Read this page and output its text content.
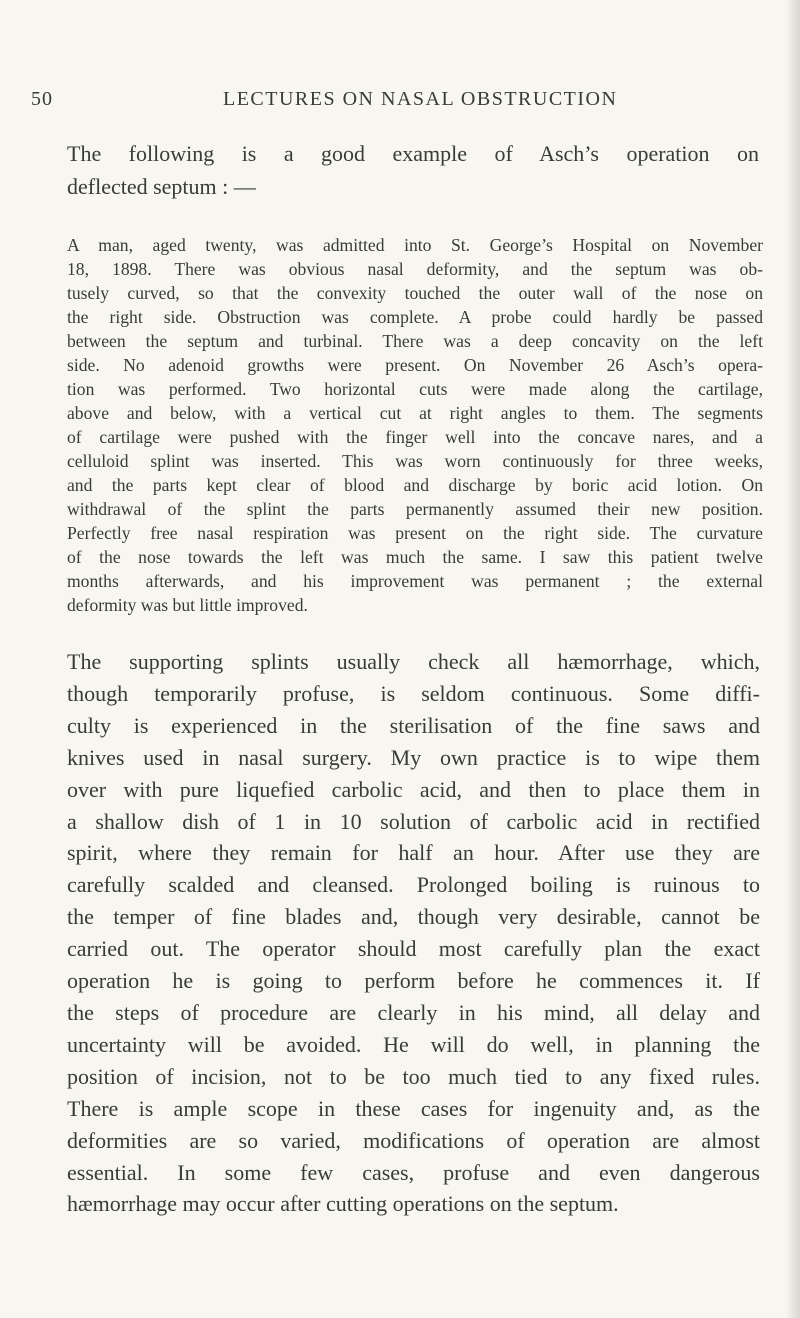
50	LECTURES ON NASAL OBSTRUCTION

The following is a good example of Asch’s operation on
deflected septum : —

A man, aged twenty, was admitted into St. George’s Hospital on November
18, 1898. There was obvious nasal deformity, and the septum was ob-
tusely curved, so that the convexity touched the outer wall of the nose on
the right side. Obstruction was complete. A probe could hardly be passed
between the septum and turbinal. There was a deep concavity on the left
side. No adenoid growths were present. On November 26 Asch’s opera-
tion was performed. Two horizontal cuts were made along the cartilage,
above and below, with a vertical cut at right angles to them. The segments
of cartilage were pushed with the finger well into the concave nares, and a
celluloid splint was inserted. This was worn continuously for three weeks,
and the parts kept clear of blood and discharge by boric acid lotion. On
withdrawal of the splint the parts permanently assumed their new position.
Perfectly free nasal respiration was present on the right side. The curvature
of the nose towards the left was much the same. I saw this patient twelve
months afterwards, and his improvement was permanent ; the external
deformity was but little improved.

The supporting splints usually check all hæmorrhage, which,
though temporarily profuse, is seldom continuous. Some diffi-
culty is experienced in the sterilisation of the fine saws and
knives used in nasal surgery. My own practice is to wipe them
over with pure liquefied carbolic acid, and then to place them in
a shallow dish of 1 in 10 solution of carbolic acid in rectified
spirit, where they remain for half an hour. After use they are
carefully scalded and cleansed. Prolonged boiling is ruinous to
the temper of fine blades and, though very desirable, cannot be
carried out. The operator should most carefully plan the exact
operation he is going to perform before he commences it. If
the steps of procedure are clearly in his mind, all delay and
uncertainty will be avoided. He will do well, in planning the
position of incision, not to be too much tied to any fixed rules.
There is ample scope in these cases for ingenuity and, as the
deformities are so varied, modifications of operation are almost
essential. In some few cases, profuse and even dangerous
hæmorrhage may occur after cutting operations on the septum.
